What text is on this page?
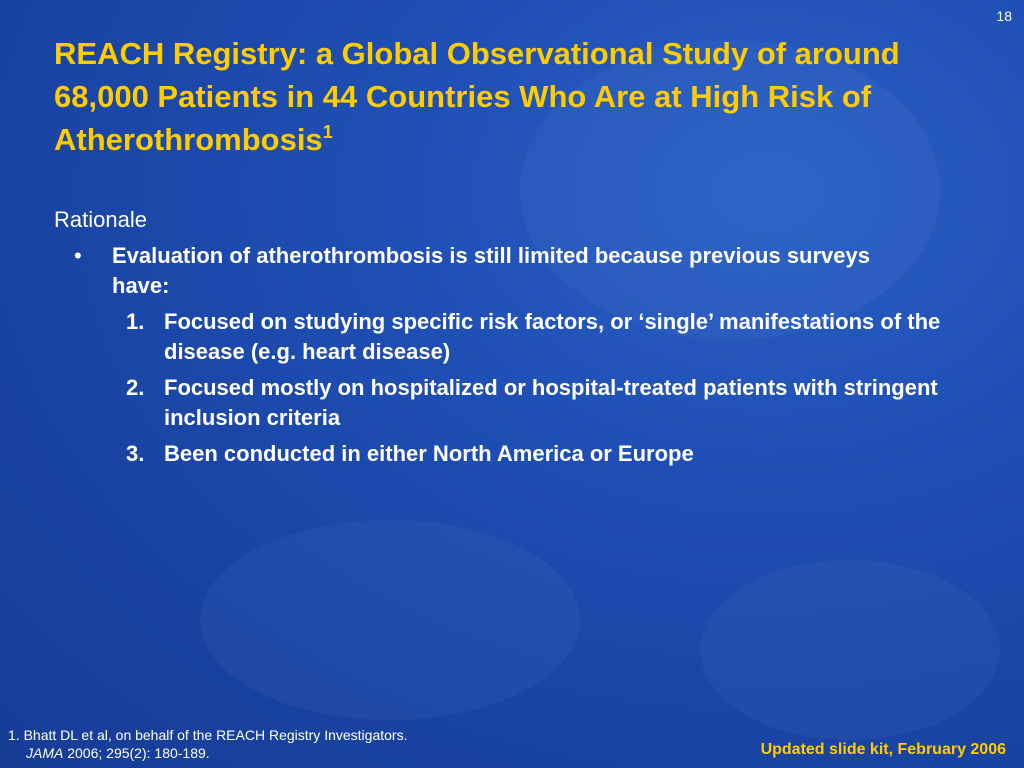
18
REACH Registry: a Global Observational Study of around 68,000 Patients in 44 Countries Who Are at High Risk of Atherothrombosis$^1$
Rationale
•	Evaluation of atherothrombosis is still limited because previous surveys have:
1. Focused on studying specific risk factors, or ‘single’ manifestations of the disease (e.g. heart disease)
2. Focused mostly on hospitalized or hospital-treated patients with stringent inclusion criteria
3. Been conducted in either North America or Europe
1. Bhatt DL et al, on behalf of the REACH Registry Investigators.
JAMA 2006; 295(2): 180-189.	Updated slide kit, February 2006
